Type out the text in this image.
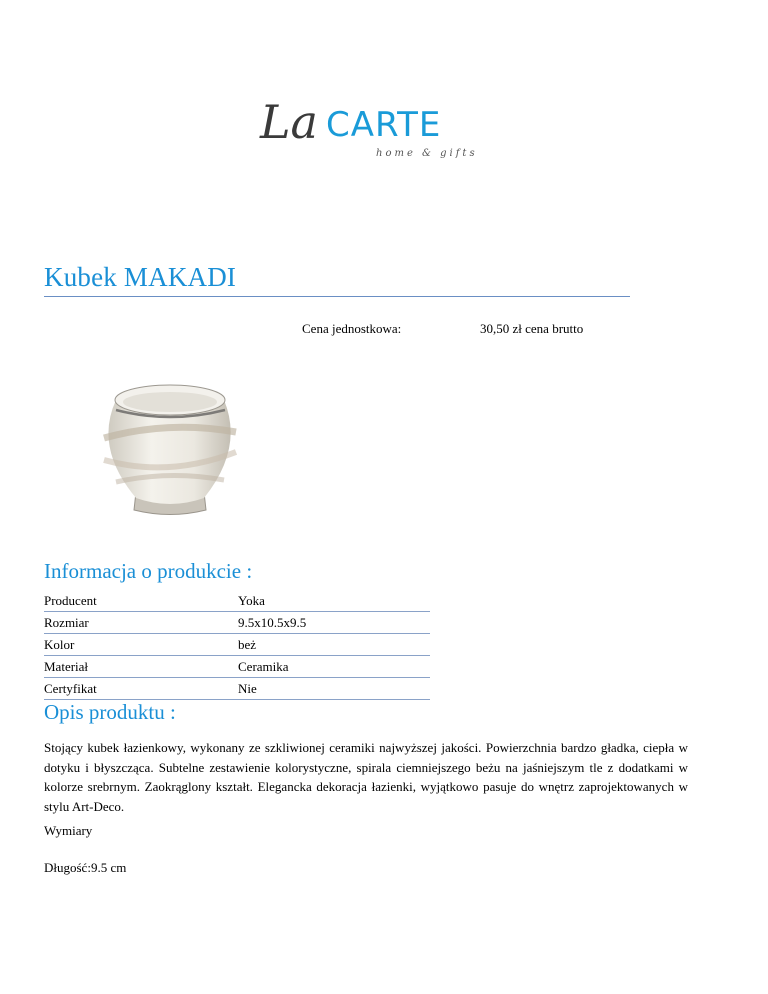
La CARTE
home & gifts
Kubek MAKADI
Cena jednostkowa:	30,50 zł cena brutto
Informacja o produkcie :
Producent	Yoka
Rozmiar	9.5x10.5x9.5
Kolor	beż
Materiał	Ceramika
Certyfikat	Nie
Opis produktu :

Stojący kubek łazienkowy, wykonany ze szkliwionej ceramiki najwyższej jakości. Powierzchnia bardzo gładka, ciepła w dotyku i błyszcząca. Subtelne zestawienie kolorystyczne, spirala ciemniejszego beżu na jaśniejszym tle z dodatkami w kolorze srebrnym. Zaokrąglony kształt. Elegancka dekoracja łazienki, wyjątkowo pasuje do wnętrz zaprojektowanych w stylu Art-Deco.

Wymiary

Długość:9.5 cm
